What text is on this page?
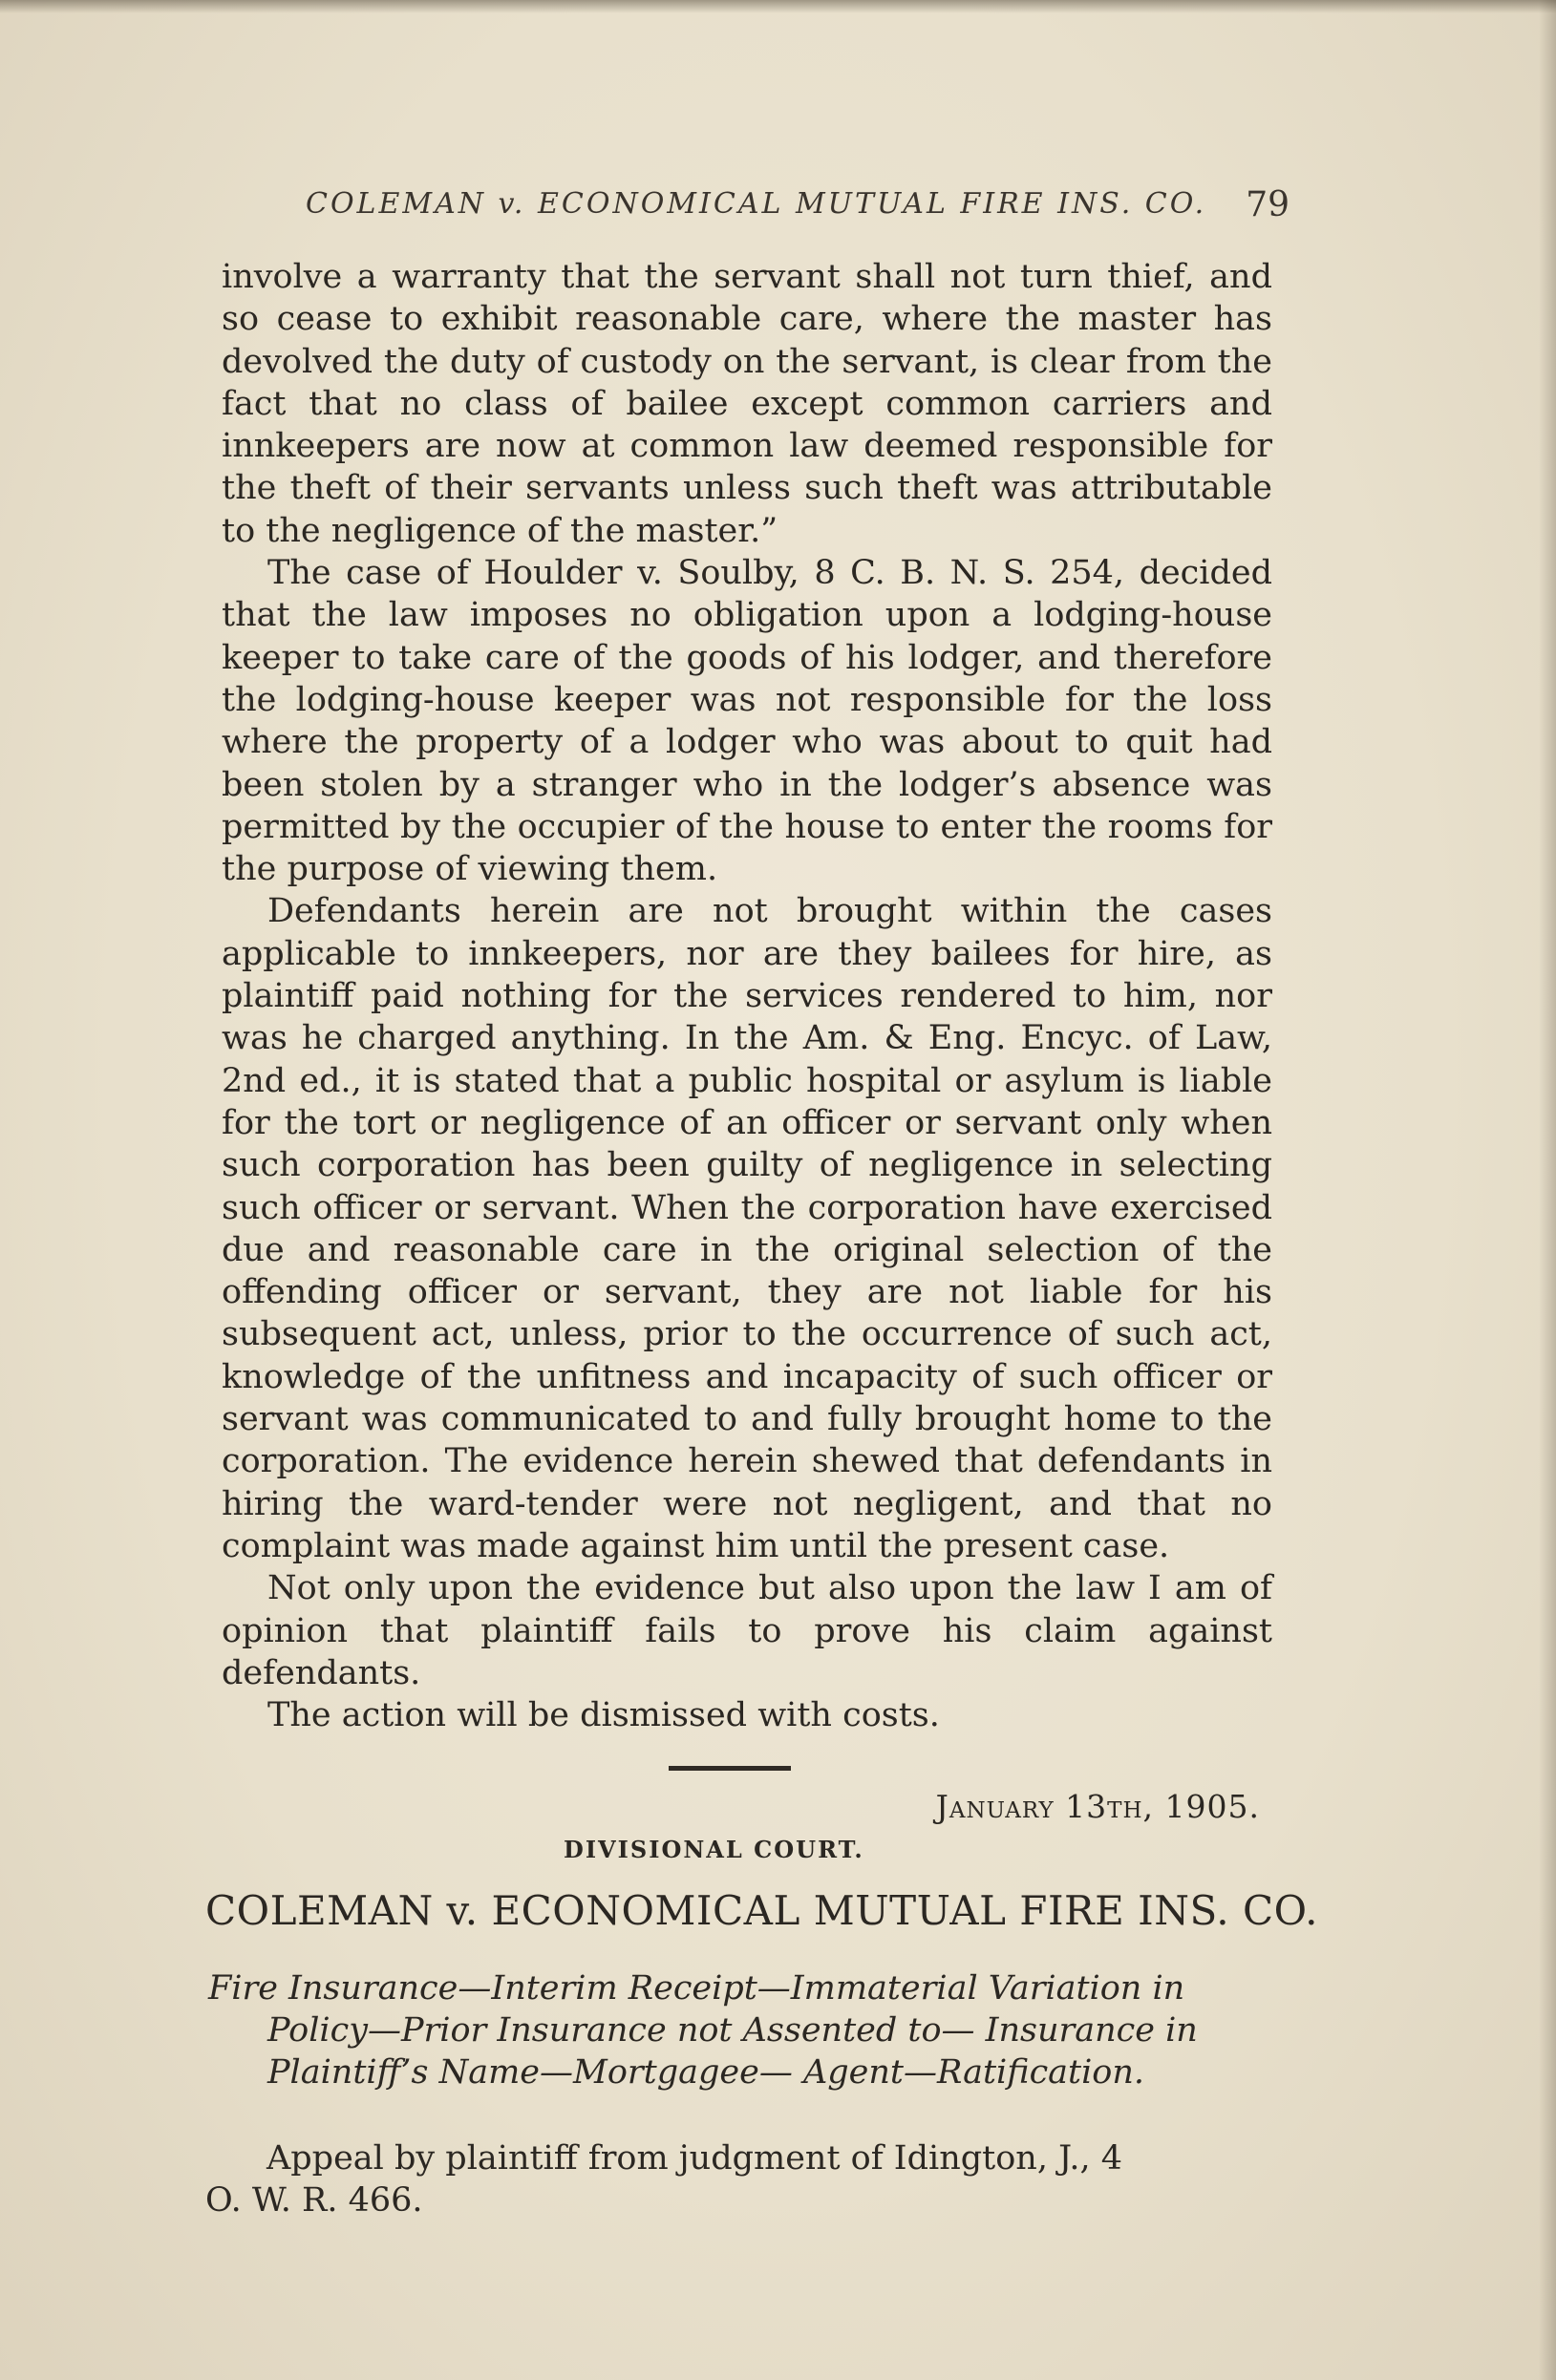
COLEMAN v. ECONOMICAL MUTUAL FIRE INS. CO. 79

involve a warranty that the servant shall not turn thief, and so cease to exhibit reasonable care, where the master has devolved the duty of custody on the servant, is clear from the fact that no class of bailee except common carriers and innkeepers are now at common law deemed responsible for the theft of their servants unless such theft was attributable to the negligence of the master.”

The case of Houlder v. Soulby, 8 C. B. N. S. 254, decided that the law imposes no obligation upon a lodging-house keeper to take care of the goods of his lodger, and therefore the lodging-house keeper was not responsible for the loss where the property of a lodger who was about to quit had been stolen by a stranger who in the lodger’s absence was permitted by the occupier of the house to enter the rooms for the purpose of viewing them.

Defendants herein are not brought within the cases applicable to innkeepers, nor are they bailees for hire, as plaintiff paid nothing for the services rendered to him, nor was he charged anything. In the Am. & Eng. Encyc. of Law, 2nd ed., it is stated that a public hospital or asylum is liable for the tort or negligence of an officer or servant only when such corporation has been guilty of negligence in selecting such officer or servant. When the corporation have exercised due and reasonable care in the original selection of the offending officer or servant, they are not liable for his subsequent act, unless, prior to the occurrence of such act, knowledge of the unfitness and incapacity of such officer or servant was communicated to and fully brought home to the corporation. The evidence herein shewed that defendants in hiring the ward-tender were not negligent, and that no complaint was made against him until the present case.

Not only upon the evidence but also upon the law I am of opinion that plaintiff fails to prove his claim against defendants.

The action will be dismissed with costs.

January 13th, 1905.
DIVISIONAL COURT.
COLEMAN v. ECONOMICAL MUTUAL FIRE INS. CO.
Fire Insurance—Interim Receipt—Immaterial Variation in
Policy—Prior Insurance not Assented to— Insurance in
Plaintiff’s Name—Mortgagee— Agent—Ratification.
Appeal by plaintiff from judgment of Idington, J., 4
O. W. R. 466.
